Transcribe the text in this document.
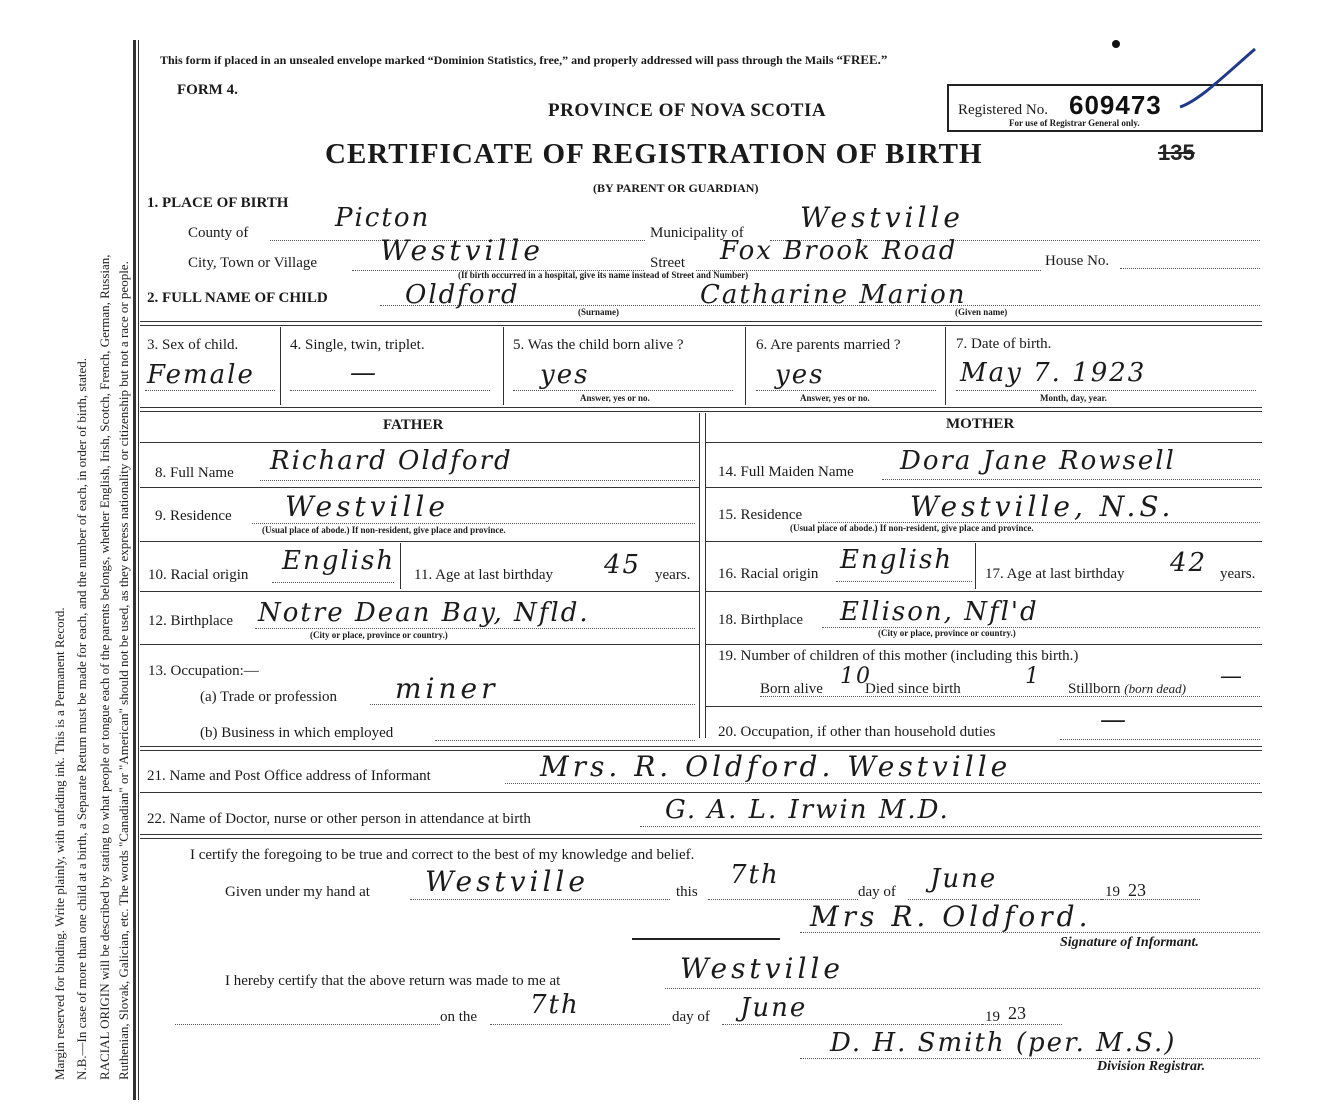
Margin reserved for binding. Write plainly, with unfading ink. This is a Permanent Record. N.B.—In case of more than one child at a birth, a Separate Return must be made for each, and the number of each, in order of birth, stated. RACIAL ORIGIN will be described by stating to what people or tongue each of the parents belongs, whether English, Irish, Scotch, French, German, Russian, Ruthenian, Slovak, Galician, etc. The words "Canadian" or "American" should not be used, as they express nationality or citizenship but not a race or people.
This form if placed in an unsealed envelope marked “Dominion Statistics, free,” and properly addressed will pass through the Mails “FREE.”
FORM 4.
PROVINCE OF NOVA SCOTIA
CERTIFICATE OF REGISTRATION OF BIRTH
(BY PARENT OR GUARDIAN)
Registered No. 609473
For use of Registrar General only.
135
1. PLACE OF BIRTH
County of	Picton	Municipality of Westville
City, Town or Village Westville	Street Fox Brook Road	House No.
(If birth occurred in a hospital, give its name instead of Street and Number)
2. FULL NAME OF CHILD	Oldford
(Surname)
Catharine Marion
(Given name)
3. Sex of child.
Female
4. Single, twin, triplet.
—
5. Was the child born alive ?
yes
Answer, yes or no.
6. Are parents married ?
yes
Answer, yes or no.
7. Date of birth.
May 7. 1923
Month, day, year.
FATHER
8. Full Name Richard Oldford
9. Residence Westville
(Usual place of abode.) If non-resident, give place and province.
10. Racial origin English 11. Age at last birthday 45 years.
12. Birthplace Notre Dean Bay, Nfld.
(City or place, province or country.)
13. Occupation:—
(a) Trade or profession miner
(b) Business in which employed
MOTHER
14. Full Maiden Name Dora Jane Rowsell
15. Residence	Westville, N.S.
(Usual place of abode.) If non-resident, give place and province.
16. Racial origin English 17. Age at last birthday 42 years.
18. Birthplace Ellison, Nfl'd
(City or place, province or country.)
19. Number of children of this mother (including this birth.)
Born alive 10
Died since birth	1 Stillborn (born dead) —
20. Occupation, if other than household duties	—
21. Name and Post Office address of Informant	Mrs. R. Oldford. Westville
22. Name of Doctor, nurse or other person in attendance at birth	G. A. L. Irwin M.D.
I certify the foregoing to be true and correct to the best of my knowledge and belief.
Given under my hand at Westville	this
7th
day of June	19 23
Mrs R. Oldford.
Signature of Informant.
I hereby certify that the above return was made to me at	Westville
on the 7th	day of June	19 23
D. H. Smith (per. M.S.)
Division Registrar.
